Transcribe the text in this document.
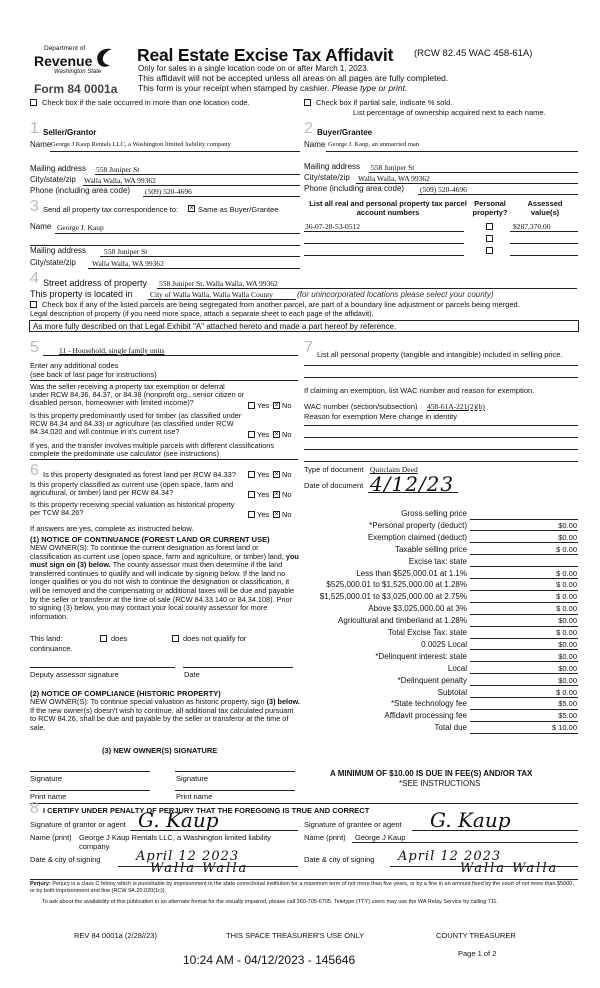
Department of
Revenue
Washington State
Form 84 0001a
Real Estate Excise Tax Affidavit (RCW 82.45 WAC 458-61A)
Only for sales in a single location code on or after March 1, 2023.
This affidavit will not be accepted unless all areas on all pages are fully completed.
This form is your receipt when stamped by cashier. Please type or print.
Check box if the sale occurred in more than one location code.	Check box if partial sale, indicate % sold.
List percentage of ownership acquired next to each name.
1 Seller/Grantor
Name George J Kaup Rentals LLC, a Washington limited liability company
Mailing address 558 Juniper St
City/state/zip Walla Walla, WA 99362
Phone (including area code) (509) 520-4696
2 Buyer/Grantee
Name George J. Kaup, an unmarried man
Mailing address 558 Juniper St
City/state/zip Walla Walla, WA 99362
Phone (including area code) (509) 520-4696
3 Send all property tax correspondence to: × Same as Buyer/Grantee
Name George J. Kaup
Mailing address 558 Juniper St
City/state/zip Walla Walla, WA 99362
List all real and personal property tax parcel account numbers
Personal property?
Assessed value(s)
36-07-28-53-0512	$287,370.00
4 Street address of property 558 Juniper St, Walla Walla, WA 99362
This property is located in City of Walla Walla, Walla Walla County	(for unincorporated locations please select your county)
Check box if any of the listed parcels are being segregated from another parcel, are part of a boundary line adjustment or parcels being merged.
Legal description of property (if you need more space, attach a separate sheet to each page of the affidavit).
As more fully described on that Legal Exhibit "A" attached hereto and made a part hereof by reference.
5	11 - Household, single family units
Enter any additional codes
(see back of last page for instructions)
Was the seller receiving a property tax exemption or deferral under RCW 84.36, 84.37, or 84.38 (nonprofit org., senior citizen or disabled person, homeowner with limited income)?	Yes × No
Is this property predominantly used for timber (as classified under RCW 84.34 and 84.33) or agriculture (as classified under RCW 84.34.020 and will continue in it's current use?	Yes × No
If yes, and the transfer involves multiple parcels with different classifications complete the predominate use calculator (see instructions)
7 List all personal property (tangible and intangible) included in selling price.
If claiming an exemption, list WAC number and reason for exemption.
WAC number (section/subsection) 458-61A-221(2)(b)
Reason for exemption Mere change in identity
Type of document Quitclaim Deed
Date of document 4/12/23
Gross selling price
*Personal property (deduct)	$0.00
Exemption claimed (deduct)	$0.00
Taxable selling price	$ 0.00
Excise tax: state
Less than $525,000.01 at 1.1%	$ 0.00
$525,000.01 to $1,525,000.00 at 1.28%	$ 0.00
$1,525,000.01 to $3,025,000.00 at 2.75%	$ 0.00
Above $3,025,000.00 at 3%	$ 0.00
Agricultural and timberland at 1.28%	$0.00
Total Excise Tax: state	$ 0.00
0.0025 Local	$0.00
*Delinquent interest: state	$0.00
Local	$0.00
*Delinquent penalty	$0.00
Subtotal	$ 0.00
*State technology fee	$5.00
Affidavit processing fee	$5.00
Total due	$ 10.00
6 Is this property designated as forest land per RCW 84.33?	Yes × No
Is this property classified as current use (open space, farm and agricultural, or timber) land per RCW 84.34?	Yes × No
Is this property receiving special valuation as historical property per TCW 84.26?	Yes × No
If answers are yes, complete as instructed below.
(1) NOTICE OF CONTINUANCE (FOREST LAND OR CURRENT USE)
NEW OWNER(S): To continue the current designation as forest land or classification as current use (open space, farm and agriculture, or timber) land, you must sign on (3) below. The county assessor must then determine if the land transferred continues to qualify and will indicate by signing below. If the land no longer qualifies or you do not wish to continue the designation or classification, it will be removed and the compensating or additional taxes will be due and payable by the seller or transferor at the time of sale (RCW 84.33.140 or 84.34.108). Prior to signing (3) below, you may contact your local county assessor for more information.
This land:	does	does not qualify for
continuance.
Deputy assessor signature	Date
(2) NOTICE OF COMPLIANCE (HISTORIC PROPERTY)
NEW OWNER(S): To continue special valuation as historic property, sign (3) below. If the new owner(s) doesn't wish to continue, all additional tax calculated pursuant to RCW 84.26, shall be due and payable by the seller or transferor at the time of sale.
(3) NEW OWNER(S) SIGNATURE
Signature	Signature
Print name	Print name
A MINIMUM OF $10.00 IS DUE IN FEE(S) AND/OR TAX
*SEE INSTRUCTIONS
8 I CERTIFY UNDER PENALTY OF PERJURY THAT THE FOREGOING IS TRUE AND CORRECT
Signature of grantor or agent G. Kaup
Name (print) George J Kaup Rentals LLC, a Washington limited liability company
Date & city of signing	April 12 2023
Walla Walla
Signature of grantee or agent G. Kaup
Name (print) George J Kaup
Date & city of signing April 12 2023
Walla Walla
Perjury: Perjury is a class C felony which is punishable by imprisonment in the state correctional institution for a maximum term of not more than five years, or by a fine in an amount fixed by the court of not more than $5000, or by both imprisonment and fine (RCW 9A.20.020(1c)).
To ask about the availability of this publication in an alternate format for the visually impaired, please call 360-705-6705. Teletype (TTY) users may use the WA Relay Service by calling 711.
REV 84 0001a (2/28//23)	THIS SPACE TREASURER'S USE ONLY	COUNTY TREASURER
Page 1 of 2
10:24 AM - 04/12/2023 - 145646
